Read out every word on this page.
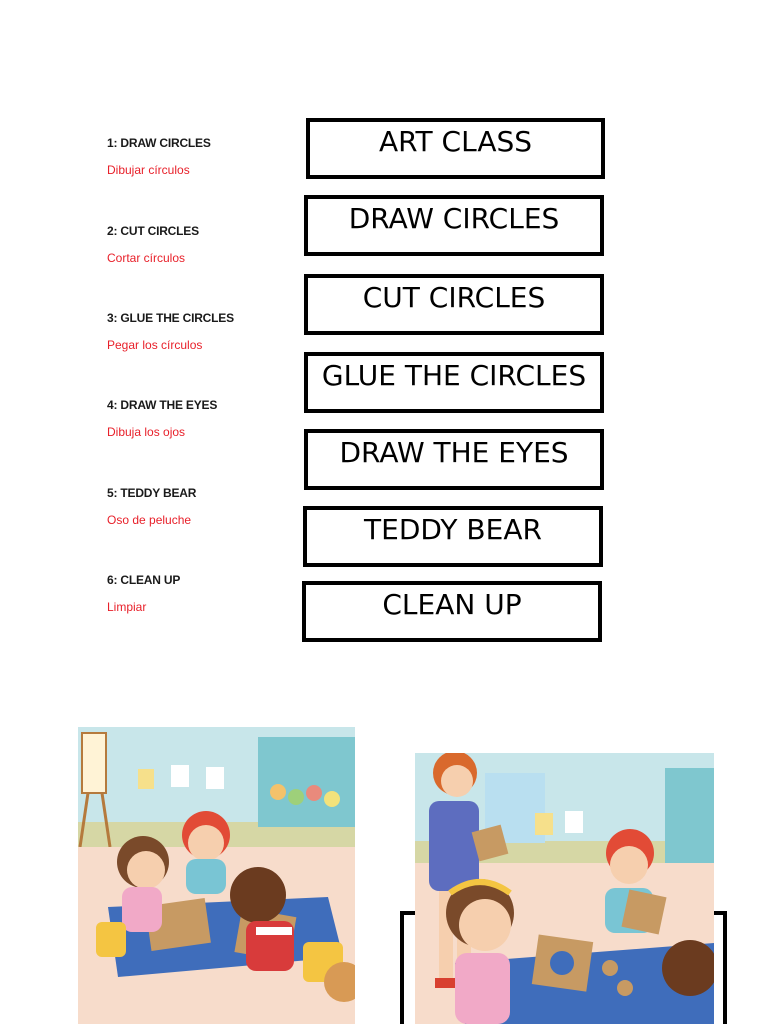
1: DRAW CIRCLES
Dibujar círculos
2: CUT CIRCLES
Cortar círculos
3: GLUE THE CIRCLES
Pegar los círculos
4: DRAW THE EYES
Dibuja los ojos
5: TEDDY BEAR
Oso de peluche
6: CLEAN UP
Limpiar
ART CLASS
DRAW CIRCLES
CUT CIRCLES
GLUE THE CIRCLES
DRAW THE EYES
TEDDY BEAR
CLEAN UP
